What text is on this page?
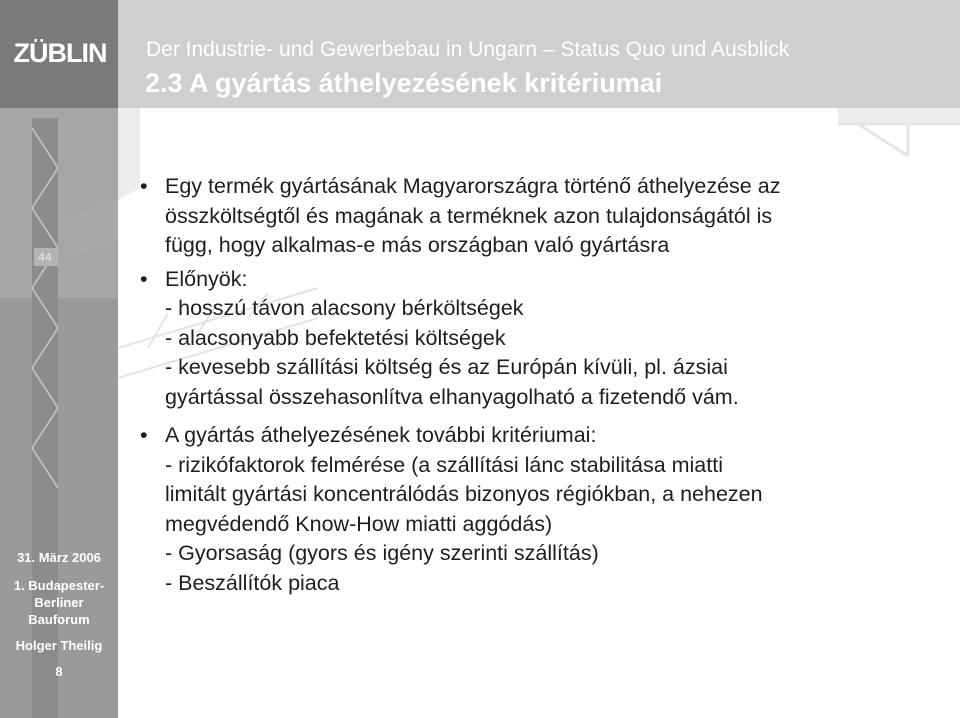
ZÜBLIN Der Industrie- und Gewerbebau in Ungarn – Status Quo und Ausblick
2.3 A gyártás áthelyezésének kritériumai
44
31. März 2006
1. Budapester-
Berliner
Bauforum
Holger Theilig
8
• Egy termék gyártásának Magyarországra történő áthelyezése az
összköltségtől és magának a terméknek azon tulajdonságától is
függ, hogy alkalmas-e más országban való gyártásra
• Előnyök:
- hosszú távon alacsony bérköltségek
- alacsonyabb befektetési költségek
- kevesebb szállítási költség és az Európán kívüli, pl. ázsiai
gyártással összehasonlítva elhanyagolható a fizetendő vám.
• A gyártás áthelyezésének további kritériumai:
- rizikófaktorok felmérése (a szállítási lánc stabilitása miatti
limitált gyártási koncentrálódás bizonyos régiókban, a nehezen
megvédendő Know-How miatti aggódás)
- Gyorsaság (gyors és igény szerinti szállítás)
- Beszállítók piaca
